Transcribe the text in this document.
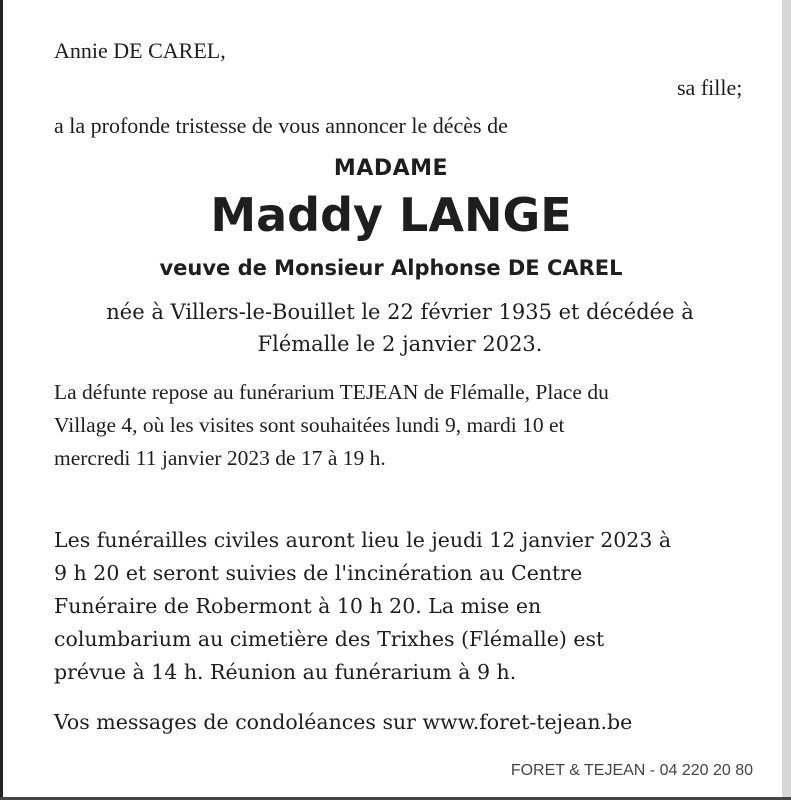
Annie DE CAREL,
sa fille;
a la profonde tristesse de vous annoncer le décès de
MADAME
Maddy LANGE
veuve de Monsieur Alphonse DE CAREL
née à Villers-le-Bouillet le 22 février 1935 et décédée à
Flémalle le 2 janvier 2023.
La défunte repose au funérarium TEJEAN de Flémalle, Place du
Village 4, où les visites sont souhaitées lundi 9, mardi 10 et
mercredi 11 janvier 2023 de 17 à 19 h.
Les funérailles civiles auront lieu le jeudi 12 janvier 2023 à
9 h 20 et seront suivies de l'incinération au Centre
Funéraire de Robermont à 10 h 20. La mise en
columbarium au cimetière des Trixhes (Flémalle) est
prévue à 14 h. Réunion au funérarium à 9 h.
Vos messages de condoléances sur www.foret-tejean.be
FORET & TEJEAN - 04 220 20 80
